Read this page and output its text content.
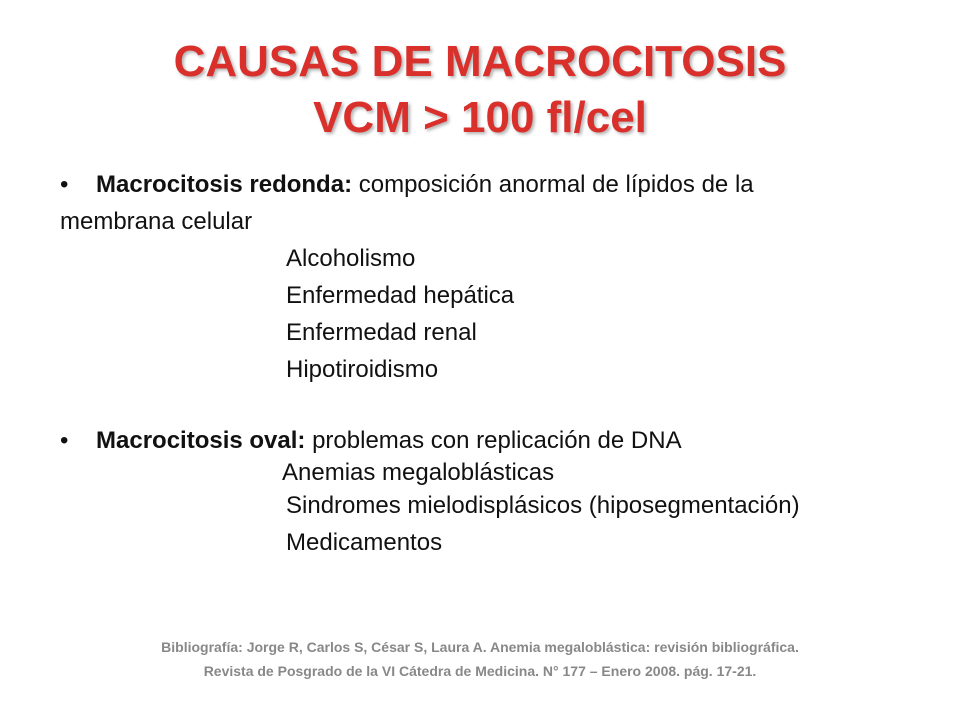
CAUSAS DE MACROCITOSIS
VCM > 100 fl/cel
• Macrocitosis redonda: composición anormal de lípidos de la
membrana celular
Alcoholismo
Enfermedad hepática
Enfermedad renal
Hipotiroidismo
• Macrocitosis oval: problemas con replicación de DNA
Anemias megaloblásticas
Sindromes mielodisplásicos (hiposegmentación)
Medicamentos
Bibliografía: Jorge R, Carlos S, César S, Laura A. Anemia megaloblástica: revisión bibliográfica.
Revista de Posgrado de la VI Cátedra de Medicina. N° 177 – Enero 2008. pág. 17-21.
